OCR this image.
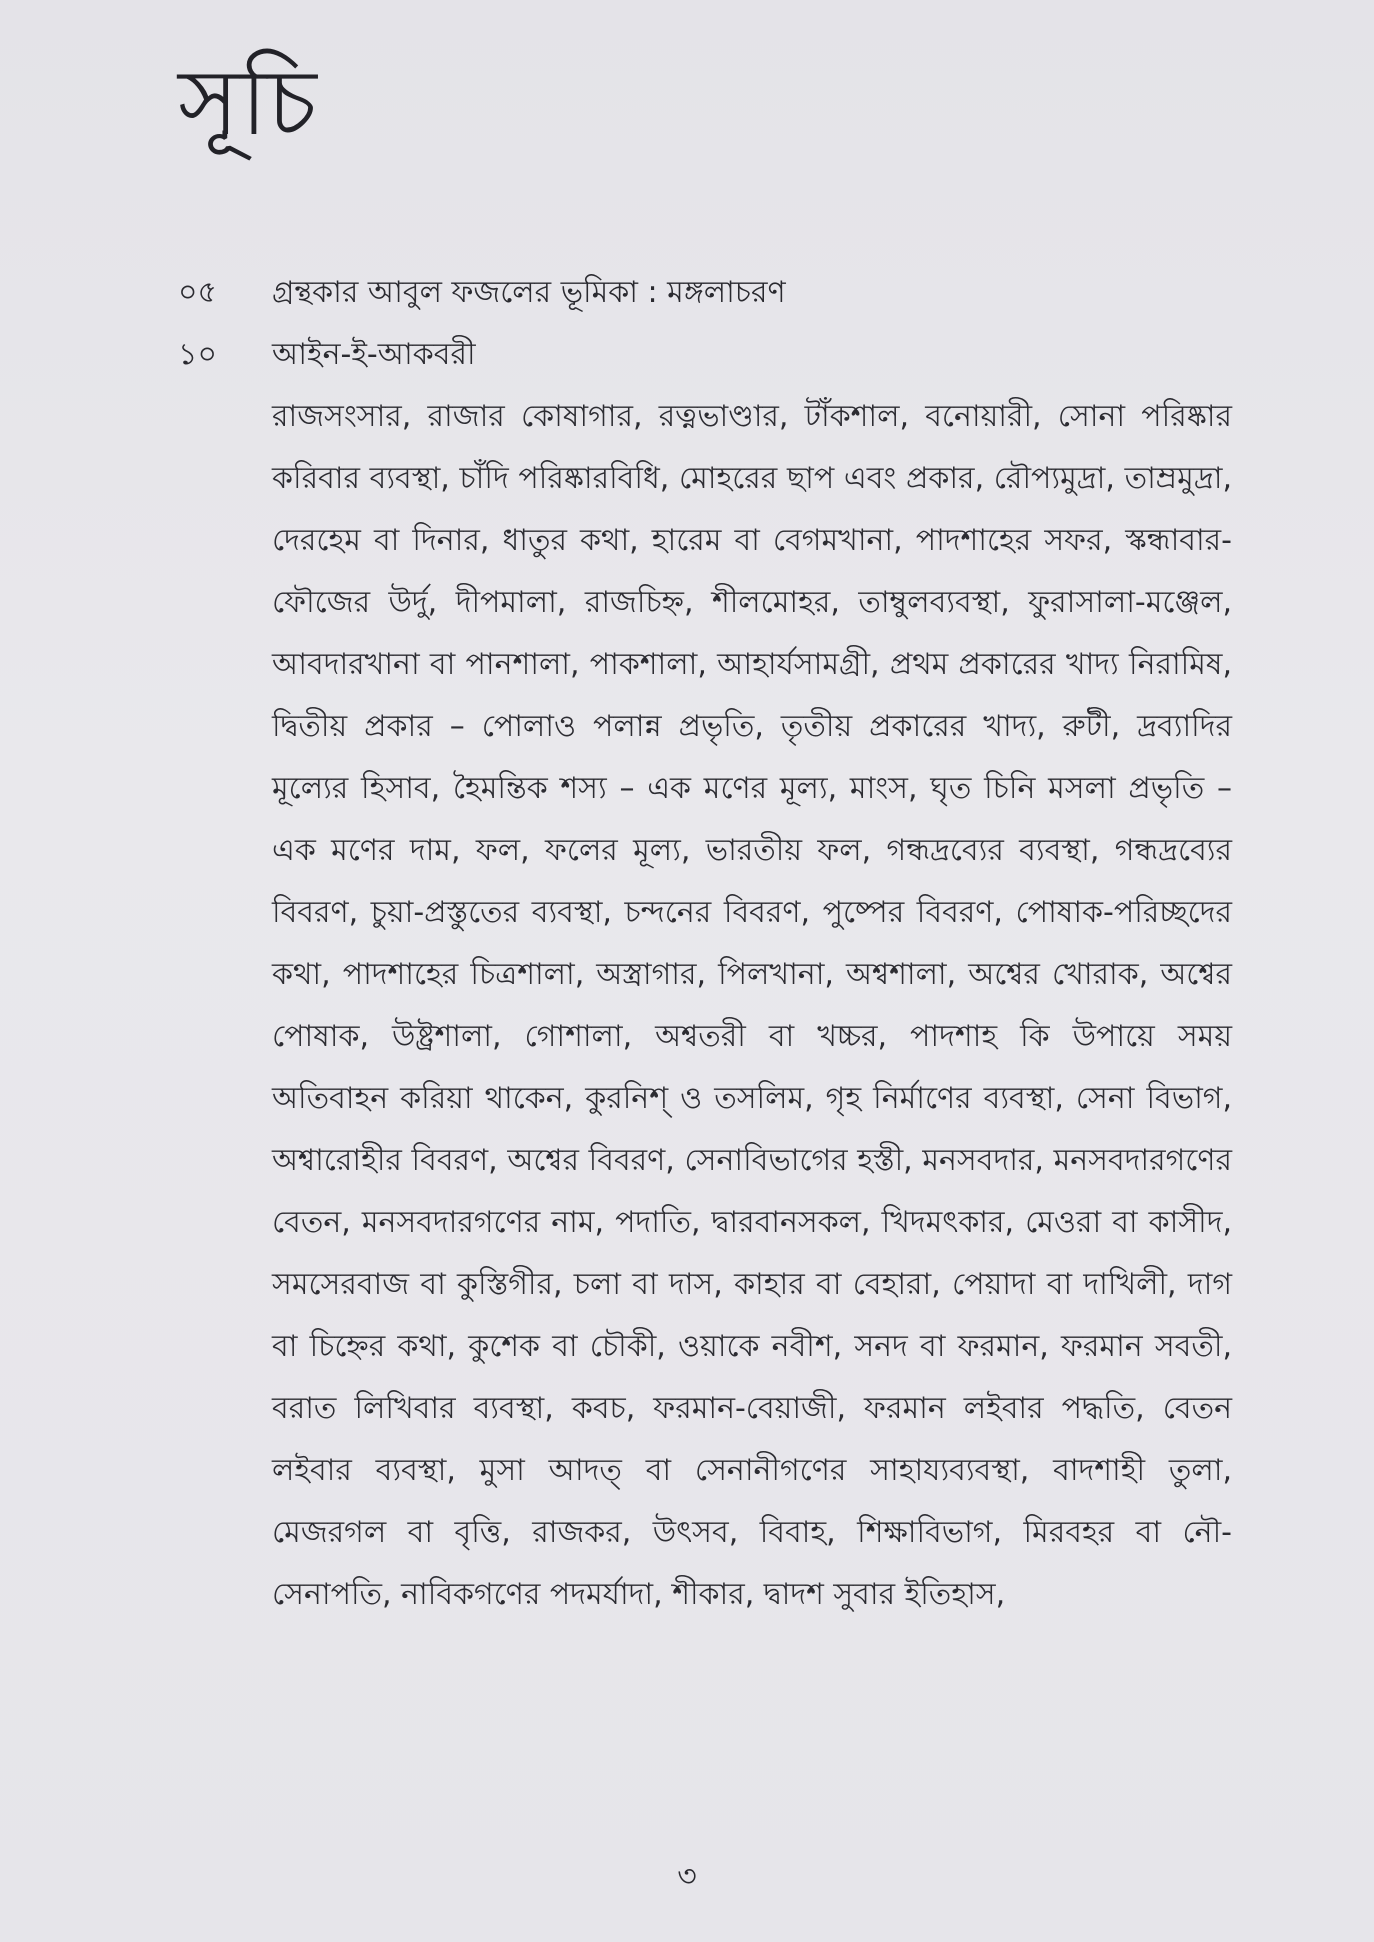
সূচি
০৫	গ্রন্থকার আবুল ফজলের ভূমিকা : মঙ্গলাচরণ
১০	আইন-ই-আকবরী
রাজসংসার, রাজার কোষাগার, রত্নভাণ্ডার, টাঁকশাল, বনোয়ারী, সোনা পরিষ্কার করিবার ব্যবস্থা, চাঁদি পরিষ্কারবিধি, মোহরের ছাপ এবং প্রকার, রৌপ্যমুদ্রা, তাম্রমুদ্রা, দেরহেম বা দিনার, ধাতুর কথা, হারেম বা বেগমখানা, পাদশাহের সফর, স্কন্ধাবার-ফৌজের উর্দু, দীপমালা, রাজচিহ্ন, শীলমোহর, তাম্বুলব্যবস্থা, ফুরাসালা-মঞ্জেল, আবদারখানা বা পানশালা, পাকশালা, আহার্যসামগ্রী, প্রথম প্রকারের খাদ্য নিরামিষ, দ্বিতীয় প্রকার – পোলাও পলান্ন প্রভৃতি, তৃতীয় প্রকারের খাদ্য, রুটী, দ্রব্যাদির মূল্যের হিসাব, হৈমন্তিক শস্য – এক মণের মূল্য, মাংস, ঘৃত চিনি মসলা প্রভৃতি – এক মণের দাম, ফল, ফলের মূল্য, ভারতীয় ফল, গন্ধদ্রব্যের ব্যবস্থা, গন্ধদ্রব্যের বিবরণ, চুয়া-প্রস্তুতের ব্যবস্থা, চন্দনের বিবরণ, পুষ্পের বিবরণ, পোষাক-পরিচ্ছদের কথা, পাদশাহের চিত্রশালা, অস্ত্রাগার, পিলখানা, অশ্বশালা, অশ্বের খোরাক, অশ্বের পোষাক, উষ্ট্রশালা, গোশালা, অশ্বতরী বা খচ্চর, পাদশাহ কি উপায়ে সময় অতিবাহন করিয়া থাকেন, কুরনিশ্ ও তসলিম, গৃহ নির্মাণের ব্যবস্থা, সেনা বিভাগ, অশ্বারোহীর বিবরণ, অশ্বের বিবরণ, সেনাবিভাগের হস্তী, মনসবদার, মনসবদারগণের বেতন, মনসবদারগণের নাম, পদাতি, দ্বারবানসকল, খিদমৎকার, মেওরা বা কাসীদ, সমসেরবাজ বা কুস্তিগীর, চলা বা দাস, কাহার বা বেহারা, পেয়াদা বা দাখিলী, দাগ বা চিহ্নের কথা, কুশেক বা চৌকী, ওয়াকে নবীশ, সনদ বা ফরমান, ফরমান সবতী, বরাত লিখিবার ব্যবস্থা, কবচ, ফরমান-বেয়াজী, ফরমান লইবার পদ্ধতি, বেতন লইবার ব্যবস্থা, মুসা আদত্ বা সেনানীগণের সাহায্যব্যবস্থা, বাদশাহী তুলা, মেজরগল বা বৃত্তি, রাজকর, উৎসব, বিবাহ, শিক্ষাবিভাগ, মিরবহর বা নৌ-সেনাপতি, নাবিকগণের পদমর্যাদা, শীকার, দ্বাদশ সুবার ইতিহাস,
৩
